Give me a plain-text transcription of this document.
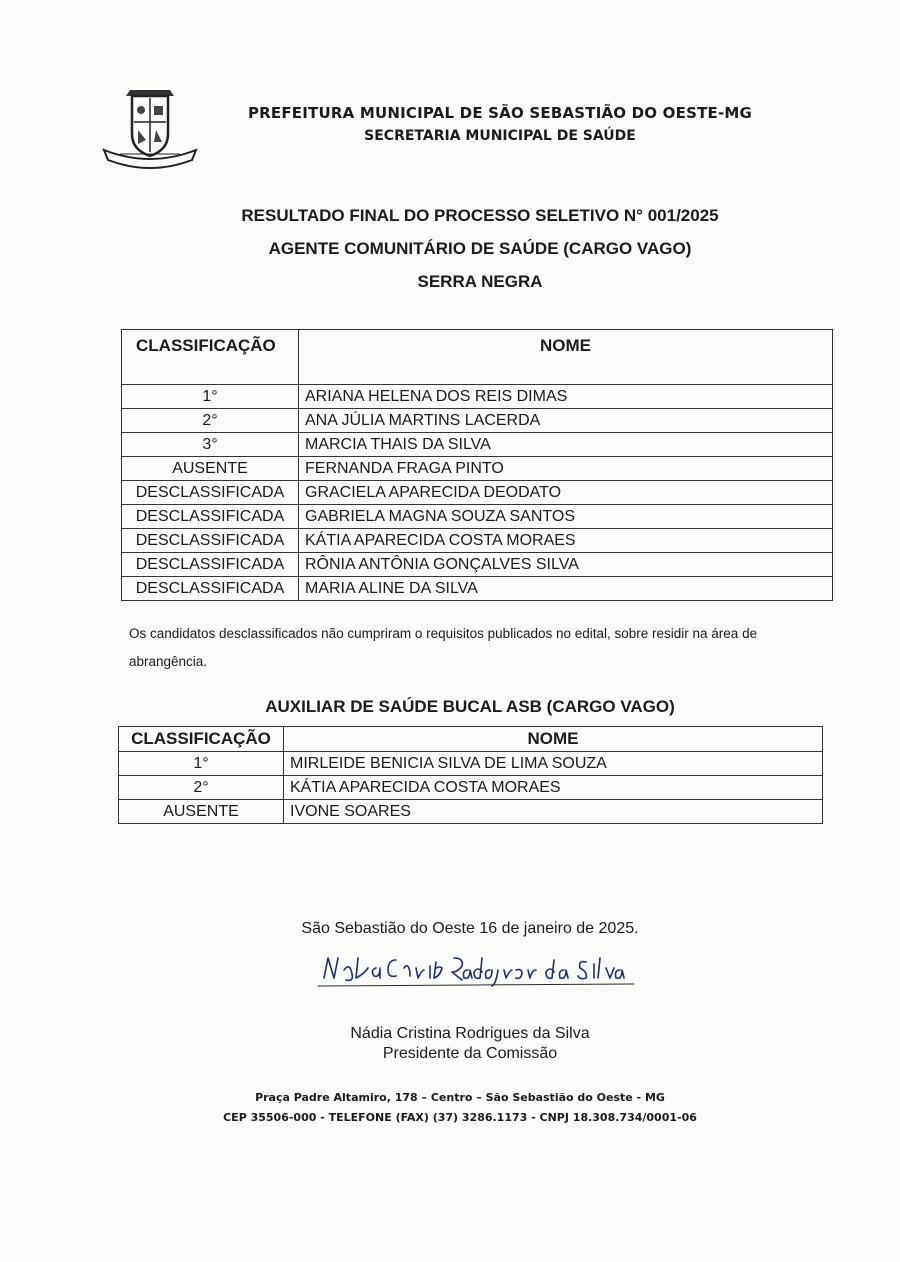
PREFEITURA MUNICIPAL DE SÃO SEBASTIÃO DO OESTE-MG
SECRETARIA MUNICIPAL DE SAÚDE
RESULTADO FINAL DO PROCESSO SELETIVO N° 001/2025
AGENTE COMUNITÁRIO DE SAÚDE (CARGO VAGO)
SERRA NEGRA
CLASSIFICAÇÃO	NOME
1°	ARIANA HELENA DOS REIS DIMAS
2°	ANA JÚLIA MARTINS LACERDA
3°	MARCIA THAIS DA SILVA
AUSENTE	FERNANDA FRAGA PINTO
DESCLASSIFICADA	GRACIELA APARECIDA DEODATO
DESCLASSIFICADA	GABRIELA MAGNA SOUZA SANTOS
DESCLASSIFICADA	KÁTIA APARECIDA COSTA MORAES
DESCLASSIFICADA	RÔNIA ANTÔNIA GONÇALVES SILVA
DESCLASSIFICADA	MARIA ALINE DA SILVA
Os candidatos desclassificados não cumpriram o requisitos publicados no edital, sobre residir na área de abrangência.
AUXILIAR DE SAÚDE BUCAL ASB (CARGO VAGO)
CLASSIFICAÇÃO	NOME
1°	MIRLEIDE BENICIA SILVA DE LIMA SOUZA
2°	KÁTIA APARECIDA COSTA MORAES
AUSENTE	IVONE SOARES
São Sebastião do Oeste 16 de janeiro de 2025.
Nádia Cristina Rodrigues da Silva
Presidente da Comissão
Praça Padre Altamiro, 178 – Centro – São Sebastião do Oeste - MG
CEP 35506-000 - TELEFONE (FAX) (37) 3286.1173 - CNPJ 18.308.734/0001-06
